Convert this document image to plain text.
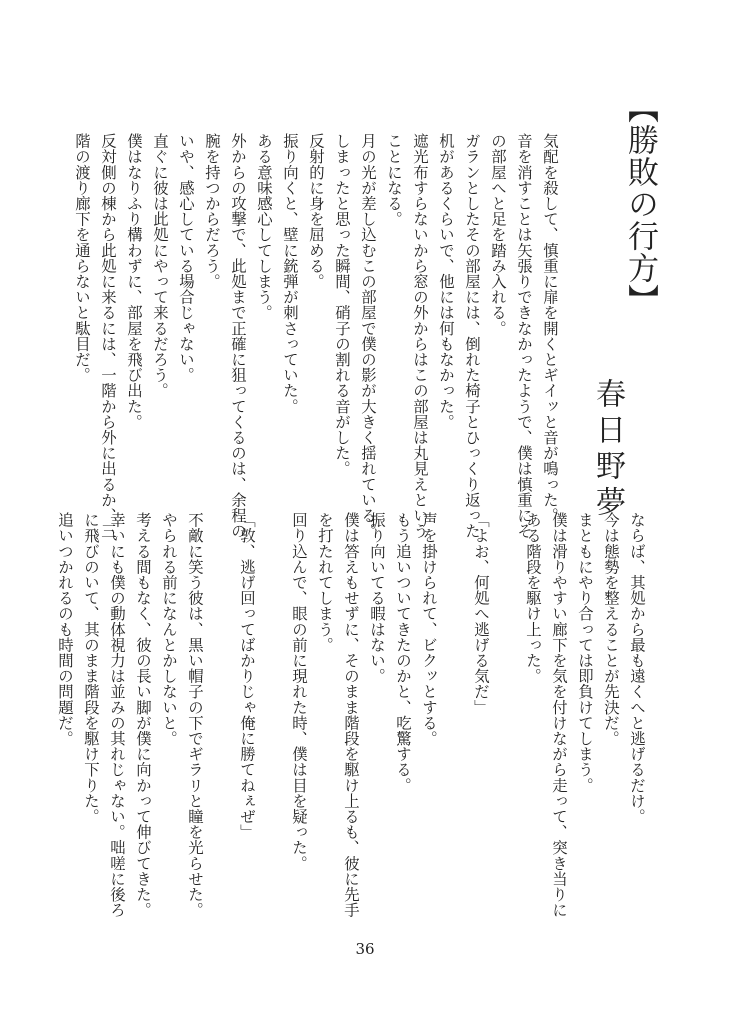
【勝敗の行方】
春日野夢
気配を殺して、慎重に扉を開くとギイッと音が鳴った。
音を消すことは矢張りできなかったようで、僕は慎重にそ
の部屋へと足を踏み入れる。
ガランとしたその部屋には、倒れた椅子とひっくり返った
机があるくらいで、他には何もなかった。
遮光布すらないから窓の外からはこの部屋は丸見えという
ことになる。
月の光が差し込むこの部屋で僕の影が大きく揺れている。
しまったと思った瞬間、硝子の割れる音がした。
反射的に身を屈める。
振り向くと、壁に銃弾が刺さっていた。
ある意味感心してしまう。
外からの攻撃で、此処まで正確に狙ってくるのは、余程の
腕を持つからだろう。
いや、感心している場合じゃない。
直ぐに彼は此処にやって来るだろう。
僕はなりふり構わずに、部屋を飛び出た。
反対側の棟から此処に来るには、一階から外に出るか、三
階の渡り廊下を通らないと駄目だ。
ならば、其処から最も遠くへと逃げるだけ。
今は態勢を整えることが先決だ。
まともにやり合っては即負けてしまう。
僕は滑りやすい廊下を気を付けながら走って、突き当りに
ある階段を駆け上った。

「よお、何処へ逃げる気だ」

声を掛けられて、ビクッとする。
もう追いついてきたのかと、吃驚する。
振り向いてる暇はない。
僕は答えもせずに、そのまま階段を駆け上るも、彼に先手
を打たれてしまう。
回り込んで、眼の前に現れた時、僕は目を疑った。

「敦、逃げ回ってばかりじゃ俺に勝てねぇぜ」

不敵に笑う彼は、黒い帽子の下でギラリと瞳を光らせた。
やられる前になんとかしないと。
考える間もなく、彼の長い脚が僕に向かって伸びてきた。
幸いにも僕の動体視力は並みの其れじゃない。咄嗟に後ろ
に飛びのいて、其のまま階段を駆け下りた。
追いつかれるのも時間の問題だ。
36
